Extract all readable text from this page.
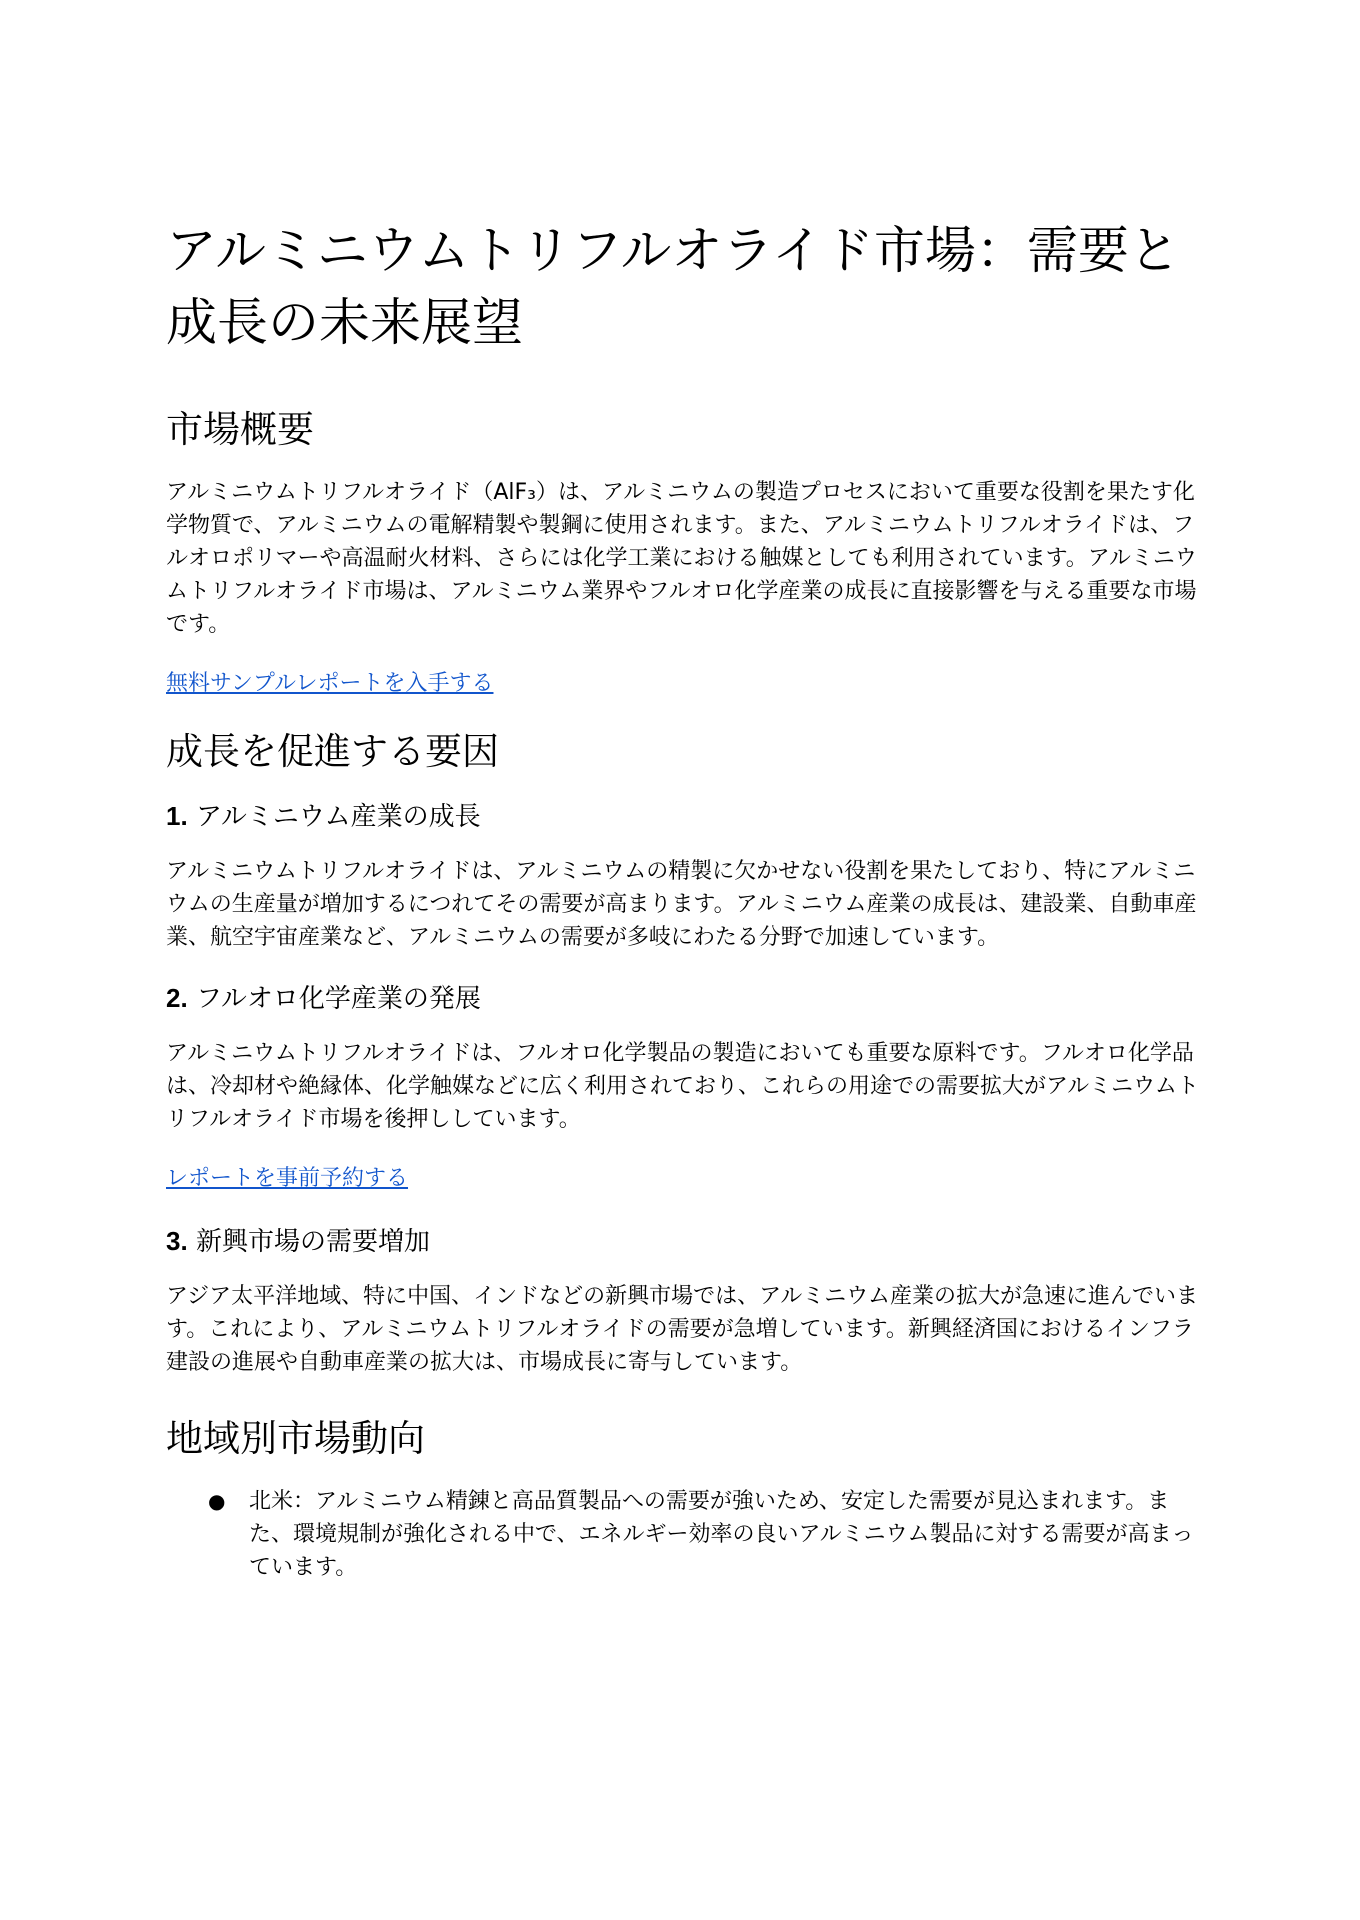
アルミニウムトリフルオライド市場：需要と成長の未来展望
市場概要

アルミニウムトリフルオライド（AlF₃）は、アルミニウムの製造プロセスにおいて重要な役割を果たす化学物質で、アルミニウムの電解精製や製鋼に使用されます。また、アルミニウムトリフルオライドは、フルオロポリマーや高温耐火材料、さらには化学工業における触媒としても利用されています。アルミニウムトリフルオライド市場は、アルミニウム業界やフルオロ化学産業の成長に直接影響を与える重要な市場です。

無料サンプルレポートを入手する
成長を促進する要因
1. アルミニウム産業の成長

アルミニウムトリフルオライドは、アルミニウムの精製に欠かせない役割を果たしており、特にアルミニウムの生産量が増加するにつれてその需要が高まります。アルミニウム産業の成長は、建設業、自動車産業、航空宇宙産業など、アルミニウムの需要が多岐にわたる分野で加速しています。

2. フルオロ化学産業の発展

アルミニウムトリフルオライドは、フルオロ化学製品の製造においても重要な原料です。フルオロ化学品は、冷却材や絶縁体、化学触媒などに広く利用されており、これらの用途での需要拡大がアルミニウムトリフルオライド市場を後押ししています。

レポートを事前予約する
3. 新興市場の需要増加

アジア太平洋地域、特に中国、インドなどの新興市場では、アルミニウム産業の拡大が急速に進んでいます。これにより、アルミニウムトリフルオライドの需要が急増しています。新興経済国におけるインフラ建設の進展や自動車産業の拡大は、市場成長に寄与しています。

地域別市場動向
● 北米：アルミニウム精錬と高品質製品への需要が強いため、安定した需要が見込まれます。また、環境規制が強化される中で、エネルギー効率の良いアルミニウム製品に対する需要が高まっています。
